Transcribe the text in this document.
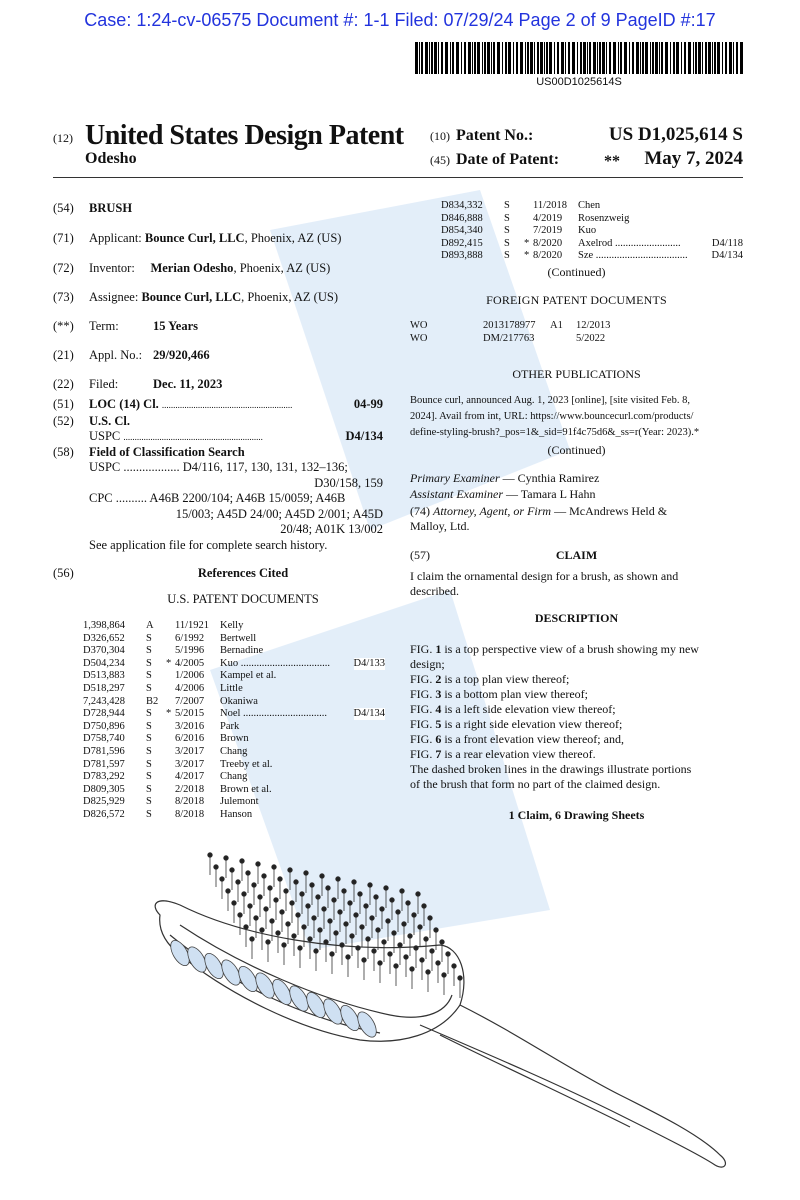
Case: 1:24-cv-06575 Document #: 1-1 Filed: 07/29/24 Page 2 of 9 PageID #:17
US00D1025614S
(12) United States Design Patent
Odesho
(10) Patent No.:	US D1,025,614 S
(45) Date of Patent:	**	May 7, 2024
(54) BRUSH
(71) Applicant: Bounce Curl, LLC, Phoenix, AZ (US)
(72) Inventor: Merian Odesho, Phoenix, AZ (US)
(73) Assignee: Bounce Curl, LLC, Phoenix, AZ (US)
(**) Term:	15 Years
(21) Appl. No.: 29/920,466
(22) Filed:	Dec. 11, 2023
(51) LOC (14) Cl. ..........................................................	04-99
(52) U.S. Cl.
USPC ..............................................................	D4/134
(58) Field of Classification Search
USPC .................. D4/116, 117, 130, 131, 132–136;
D30/158, 159
CPC .......... A46B 2200/104; A46B 15/0059; A46B
15/003; A45D 24/00; A45D 2/001; A45D
20/48; A01K 13/002
See application file for complete search history.
(56)	References Cited
U.S. PATENT DOCUMENTS
1,398,864 A 11/1921 Kelly
D326,652 S 6/1992 Bertwell
D370,304 S 5/1996 Bernadine
D504,234 S * 4/2005 Kuo .................................. D4/133
D513,883 S 1/2006 Kampel et al.
D518,297 S 4/2006 Little
7,243,428 B2 7/2007 Okaniwa
D728,944 S * 5/2015 Noel ................................	D4/134
D750,896 S 3/2016 Park
D758,740 S 6/2016 Brown
D781,596 S 3/2017 Chang
D781,597 S 3/2017 Treeby et al.
D783,292 S 4/2017 Chang
D809,305 S 2/2018 Brown et al.
D825,929 S 8/2018 Julemont
D826,572 S 8/2018 Hanson
D834,332 S 11/2018 Chen
D846,888 S 4/2019 Rosenzweig
D854,340 S 7/2019 Kuo
D892,415 S * 8/2020 Axelrod .........................	D4/118
D893,888 S * 8/2020 Sze ................................... D4/134
(Continued)
FOREIGN PATENT DOCUMENTS
WO	2013178977 A1 12/2013
WO	DM/217763	5/2022
OTHER PUBLICATIONS
Bounce curl, announced Aug. 1, 2023 [online], [site visited Feb. 8,
2024]. Avail from int, URL: https://www.bouncecurl.com/products/
define-styling-brush?_pos=1&_sid=91f4c75d6&_ss=r(Year: 2023).*
(Continued)
Primary Examiner — Cynthia Ramirez
Assistant Examiner — Tamara L Hahn
(74) Attorney, Agent, or Firm — McAndrews Held &
Malloy, Ltd.
(57)	CLAIM
I claim the ornamental design for a brush, as shown and
described.
DESCRIPTION
FIG. 1 is a top perspective view of a brush showing my new
design;
FIG. 2 is a top plan view thereof;
FIG. 3 is a bottom plan view thereof;
FIG. 4 is a left side elevation view thereof;
FIG. 5 is a right side elevation view thereof;
FIG. 6 is a front elevation view thereof; and,
FIG. 7 is a rear elevation view thereof.
The dashed broken lines in the drawings illustrate portions
of the brush that form no part of the claimed design.
1 Claim, 6 Drawing Sheets
